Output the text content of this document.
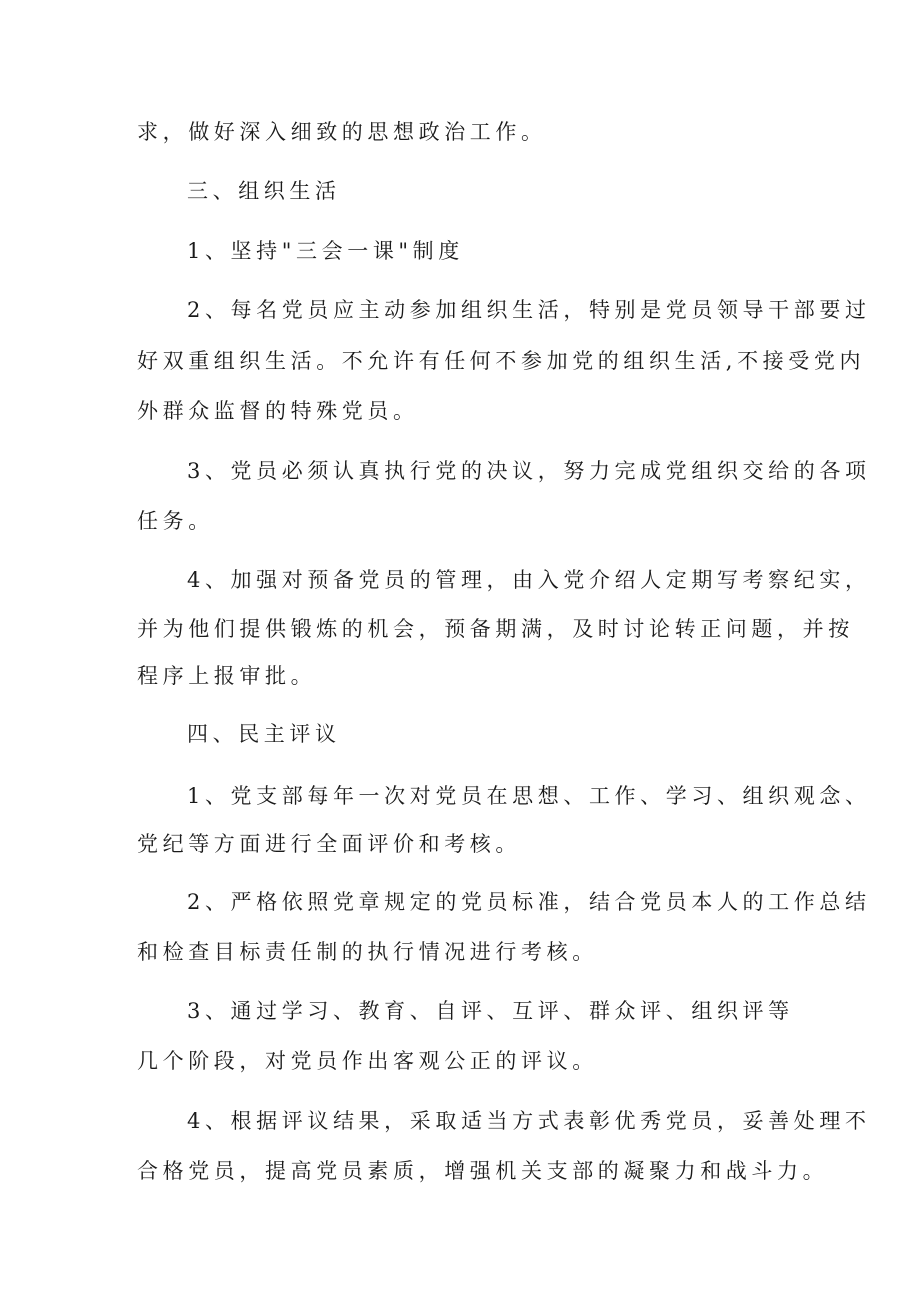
求，做好深入细致的思想政治工作。
三、组织生活
1、坚持"三会一课"制度
2、每名党员应主动参加组织生活，特别是党员领导干部要过
好双重组织生活。不允许有任何不参加党的组织生活,不接受党内
外群众监督的特殊党员。
3、党员必须认真执行党的决议，努力完成党组织交给的各项
任务。
4、加强对预备党员的管理，由入党介绍人定期写考察纪实，
并为他们提供锻炼的机会，预备期满，及时讨论转正问题，并按
程序上报审批。
四、民主评议
1、党支部每年一次对党员在思想、工作、学习、组织观念、
党纪等方面进行全面评价和考核。
2、严格依照党章规定的党员标准，结合党员本人的工作总结
和检查目标责任制的执行情况进行考核。
3、通过学习、教育、自评、互评、群众评、组织评等
几个阶段，对党员作出客观公正的评议。
4、根据评议结果，采取适当方式表彰优秀党员，妥善处理不
合格党员，提高党员素质，增强机关支部的凝聚力和战斗力。
